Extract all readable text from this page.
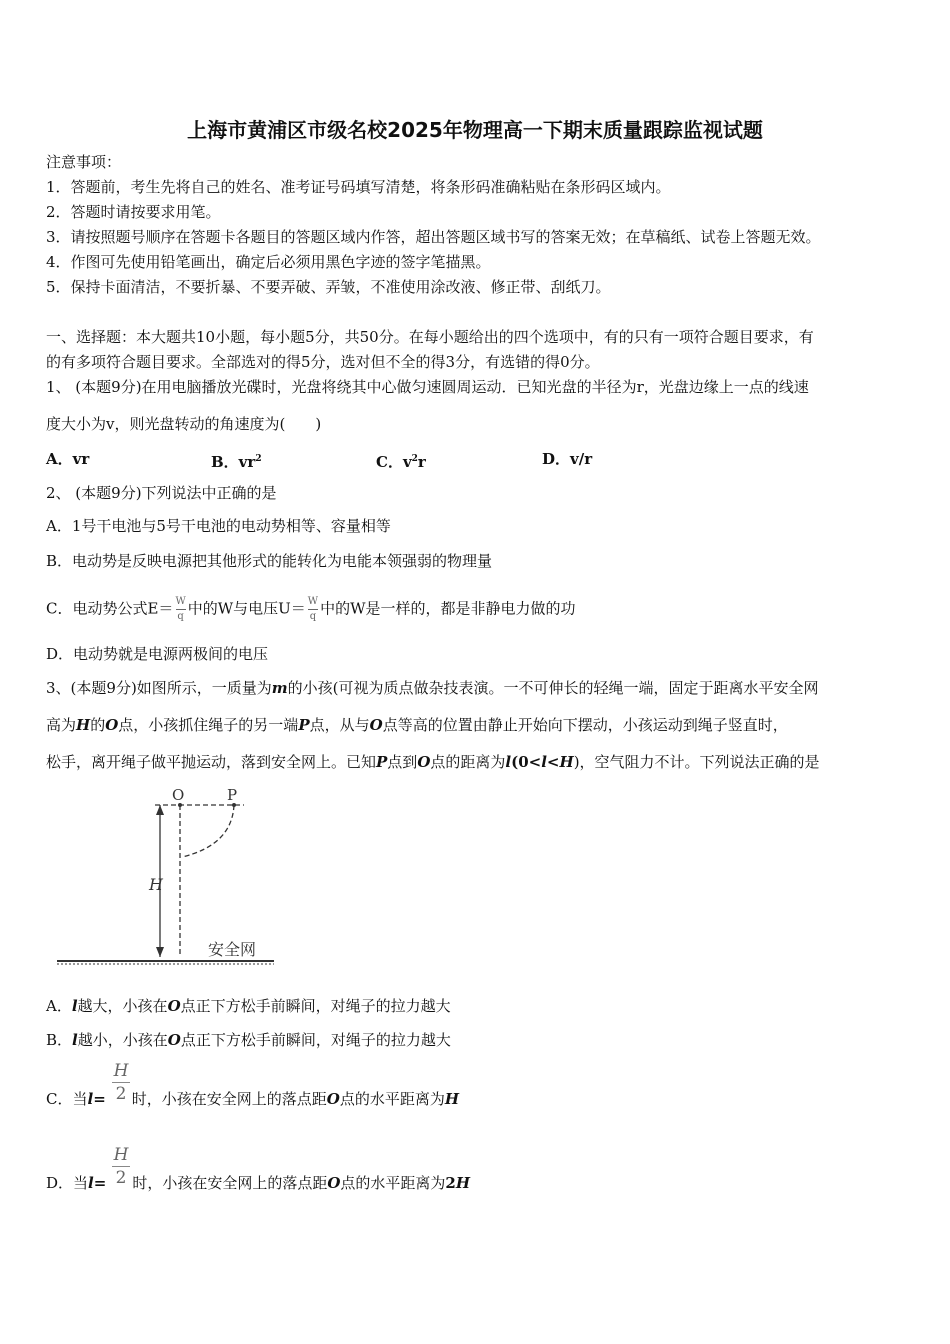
上海市黄浦区市级名校2025年物理高一下期末质量跟踪监视试题
注意事项：
1．答题前，考生先将自己的姓名、准考证号码填写清楚，将条形码准确粘贴在条形码区域内。
2．答题时请按要求用笔。
3．请按照题号顺序在答题卡各题目的答题区域内作答，超出答题区域书写的答案无效；在草稿纸、试卷上答题无效。
4．作图可先使用铅笔画出，确定后必须用黑色字迹的签字笔描黑。
5．保持卡面清洁，不要折暴、不要弄破、弄皱，不准使用涂改液、修正带、刮纸刀。
一、选择题：本大题共10小题，每小题5分，共50分。在每小题给出的四个选项中，有的只有一项符合题目要求，有
的有多项符合题目要求。全部选对的得5分，选对但不全的得3分，有选错的得0分。
1、 (本题9分)在用电脑播放光碟时，光盘将绕其中心做匀速圆周运动．已知光盘的半径为r，光盘边缘上一点的线速
度大小为v，则光盘转动的角速度为(　　)
A．vr	B．$vr^2$	C．$v^2r$	D．v/r
2、 (本题9分)下列说法中正确的是
A．1号干电池与5号干电池的电动势相等、容量相等
B．电动势是反映电源把其他形式的能转化为电能本领强弱的物理量
C．电动势公式$E= \frac{W}{q}$ 中的W与电压$U= \frac{W}{q}$ 中的W是一样的，都是非静电力做的功
D．电动势就是电源两极间的电压
3、(本题9分)如图所示，一质量为m的小孩(可视为质点做杂技表演。一不可伸长的轻绳一端，固定于距离水平安全网
高为H的O点，小孩抓住绳子的另一端P点，从与O点等高的位置由静止开始向下摆动，小孩运动到绳子竖直时，
松手，离开绳子做平抛运动，落到安全网上。已知P点到O点的距离为l(0<l<H)，空气阻力不计。下列说法正确的是
O	P
H
安全网
A．l越大，小孩在O点正下方松手前瞬间，对绳子的拉力越大
B．l越小，小孩在O点正下方松手前瞬间，对绳子的拉力越大
H
2
C．当l= 时，小孩在安全网上的落点距O点的水平距离为H
H
2
D．当l= 时，小孩在安全网上的落点距O点的水平距离为2H
